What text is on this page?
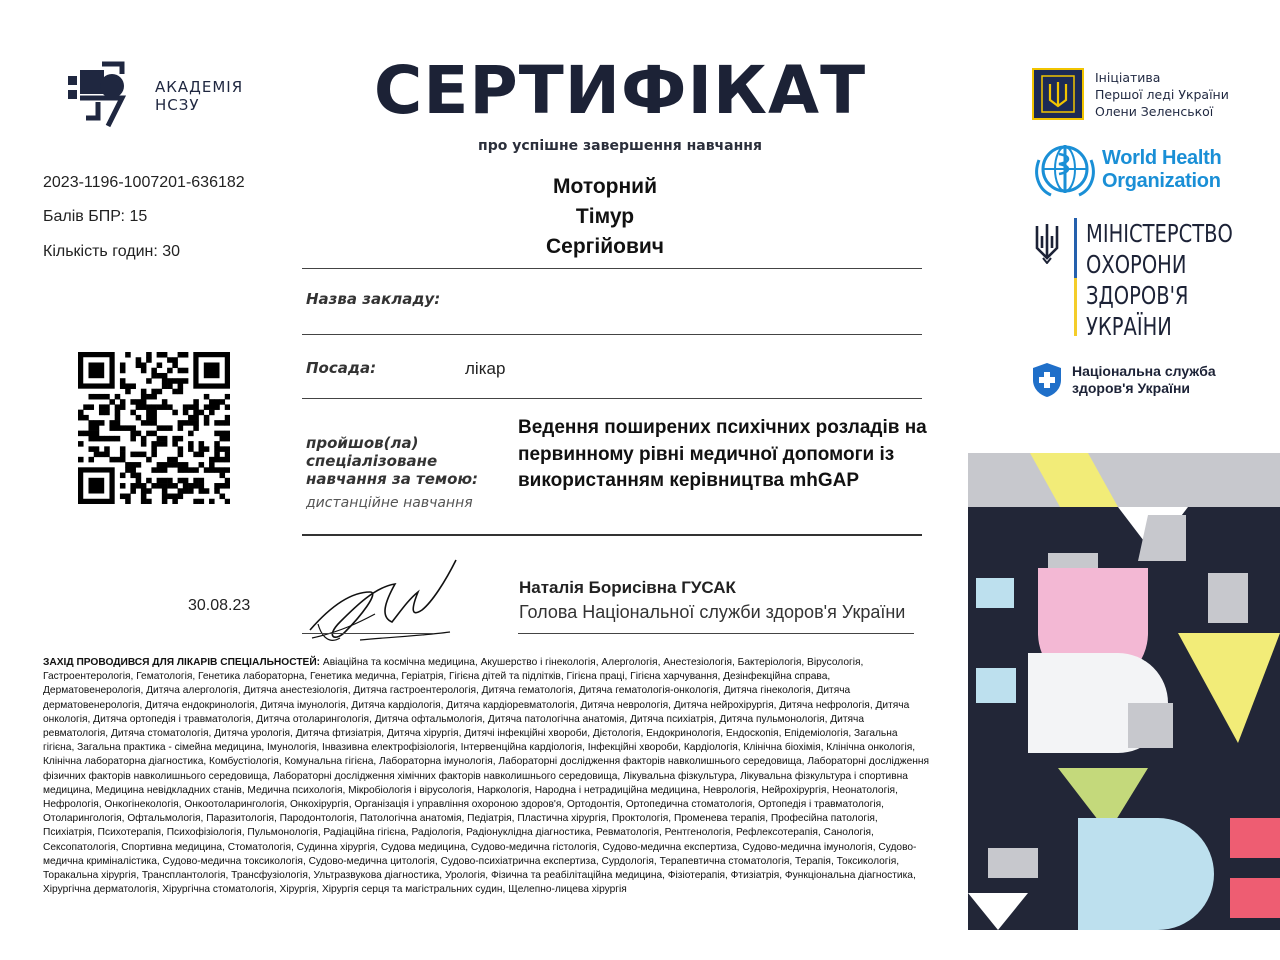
АКАДЕМІЯ
НСЗУ	СЕРТИФІКАТ
про успішне завершення навчання
2023-1196-1007201-636182
Балів БПР: 15
Кількість годин: 30
Моторний
Тімур
Сергійович
Назва закладу:
Посада:	лікар
пройшов(ла)
спеціалізоване
навчання за темою:
дистанційне навчання
Ведення поширених психічних розладів на первинному рівні медичної допомоги із використанням керівництва mhGAP
30.08.23
Наталія Борисівна ГУСАК
Голова Національної служби здоров'я України
ЗАХІД ПРОВОДИВСЯ ДЛЯ ЛІКАРІВ СПЕЦІАЛЬНОСТЕЙ: Авіаційна та космічна медицина, Акушерство і гінекологія, Алергологія, Анестезіологія, Бактеріологія, Вірусологія, Гастроентерологія, Гематологія, Генетика лабораторна, Генетика медична, Геріатрія, Гігієна дітей та підлітків, Гігієна праці, Гігієна харчування, Дезінфекційна справа, Дерматовенерологія, Дитяча алергологія, Дитяча анестезіологія, Дитяча гастроентерологія, Дитяча гематологія, Дитяча гематологія-онкологія, Дитяча гінекологія, Дитяча дерматовенерологія, Дитяча ендокринологія, Дитяча імунологія, Дитяча кардіологія, Дитяча кардіоревматологія, Дитяча неврологія, Дитяча нейрохірургія, Дитяча нефрологія, Дитяча онкологія, Дитяча ортопедія і травматологія, Дитяча отоларингологія, Дитяча офтальмологія, Дитяча патологічна анатомія, Дитяча психіатрія, Дитяча пульмонологія, Дитяча ревматологія, Дитяча стоматологія, Дитяча урологія, Дитяча фтизіатрія, Дитяча хірургія, Дитячі інфекційні хвороби, Дієтологія, Ендокринологія, Ендоскопія, Епідеміологія, Загальна гігієна, Загальна практика - сімейна медицина, Імунологія, Інвазивна електрофізіологія, Інтервенційна кардіологія, Інфекційні хвороби, Кардіологія, Клінічна біохімія, Клінічна онкологія, Клінічна лабораторна діагностика, Комбустіологія, Комунальна гігієна, Лабораторна імунологія, Лабораторні дослідження факторів навколишнього середовища, Лабораторні дослідження фізичних факторів навколишнього середовища, Лабораторні дослідження хімічних факторів навколишнього середовища, Лікувальна фізкультура, Лікувальна фізкультура і спортивна медицина, Медицина невідкладних станів, Медична психологія, Мікробіологія і вірусологія, Наркологія, Народна і нетрадиційна медицина, Неврологія, Нейрохірургія, Неонатологія, Нефрологія, Онкогінекологія, Онкоотоларингологія, Онкохірургія, Організація і управління охороною здоров'я, Ортодонтія, Ортопедична стоматологія, Ортопедія і травматологія, Отоларингологія, Офтальмологія, Паразитологія, Пародонтологія, Патологічна анатомія, Педіатрія, Пластична хірургія, Проктологія, Променева терапія, Професійна патологія, Психіатрія, Психотерапія, Психофізіологія, Пульмонологія, Радіаційна гігієна, Радіологія, Радіонуклідна діагностика, Ревматологія, Рентгенологія, Рефлексотерапія, Санологія, Сексопатологія, Спортивна медицина, Стоматологія, Судинна хірургія, Судова медицина, Судово-медична гістологія, Судово-медична експертиза, Судово-медична імунологія, Судово-медична криміналістика, Судово-медична токсикологія, Судово-медична цитологія, Судово-психіатрична експертиза, Сурдологія, Терапевтична стоматологія, Терапія, Токсикологія, Торакальна хірургія, Трансплантологія, Трансфузіологія, Ультразвукова діагностика, Урологія, Фізична та реабілітаційна медицина, Фізіотерапія, Фтизіатрія, Функціональна діагностика, Хірургічна дерматологія, Хірургічна стоматологія, Хірургія, Хірургія серця та магістральних судин, Щелепно-лицева хірургія
Ініціатива
Першої леді України
Олени Зеленської
World Health
Organization
МІНІСТЕРСТВО
ОХОРОНИ
ЗДОРОВ'Я
УКРАЇНИ
Національна служба
здоров'я України
